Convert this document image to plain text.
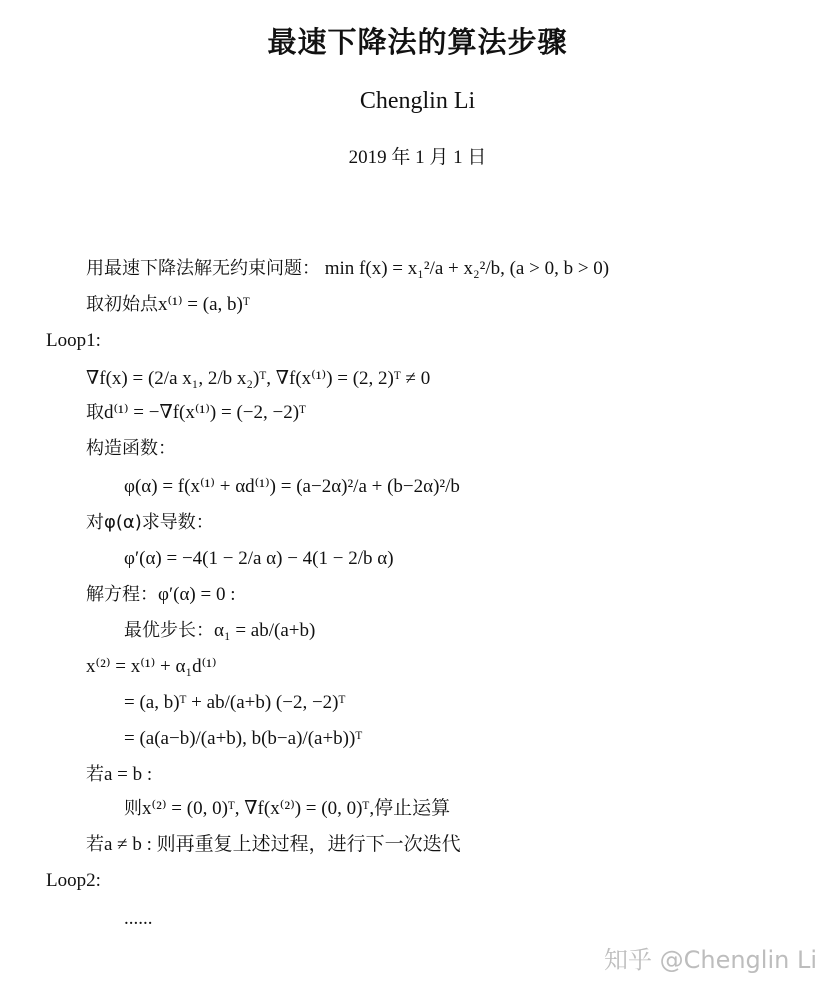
最速下降法的算法步骤
Chenglin Li
2019 年 1 月 1 日
用最速下降法解无约束问题： min f(x) = x₁²/a + x₂²/b, (a > 0, b > 0)
取初始点x⁽¹⁾ = (a, b)ᵀ
Loop1:
∇f(x) = (2/a x₁, 2/b x₂)ᵀ, ∇f(x⁽¹⁾) = (2, 2)ᵀ ≠ 0
取d⁽¹⁾ = −∇f(x⁽¹⁾) = (−2, −2)ᵀ
构造函数：
φ(α) = f(x⁽¹⁾ + αd⁽¹⁾) = (a−2α)²/a + (b−2α)²/b
对φ(α)求导数：
φ′(α) = −4(1 − 2/a α) − 4(1 − 2/b α)
解方程：φ′(α) = 0 :
最优步长：α₁ = ab/(a+b)
x⁽²⁾ = x⁽¹⁾ + α₁d⁽¹⁾
= (a, b)ᵀ + ab/(a+b) (−2, −2)ᵀ
= (a(a−b)/(a+b), b(b−a)/(a+b))ᵀ
若a = b :
则x⁽²⁾ = (0, 0)ᵀ, ∇f(x⁽²⁾) = (0, 0)ᵀ,停止运算
若a ≠ b : 则再重复上述过程，进行下一次迭代
Loop2:
......
知乎 @Chenglin Li
